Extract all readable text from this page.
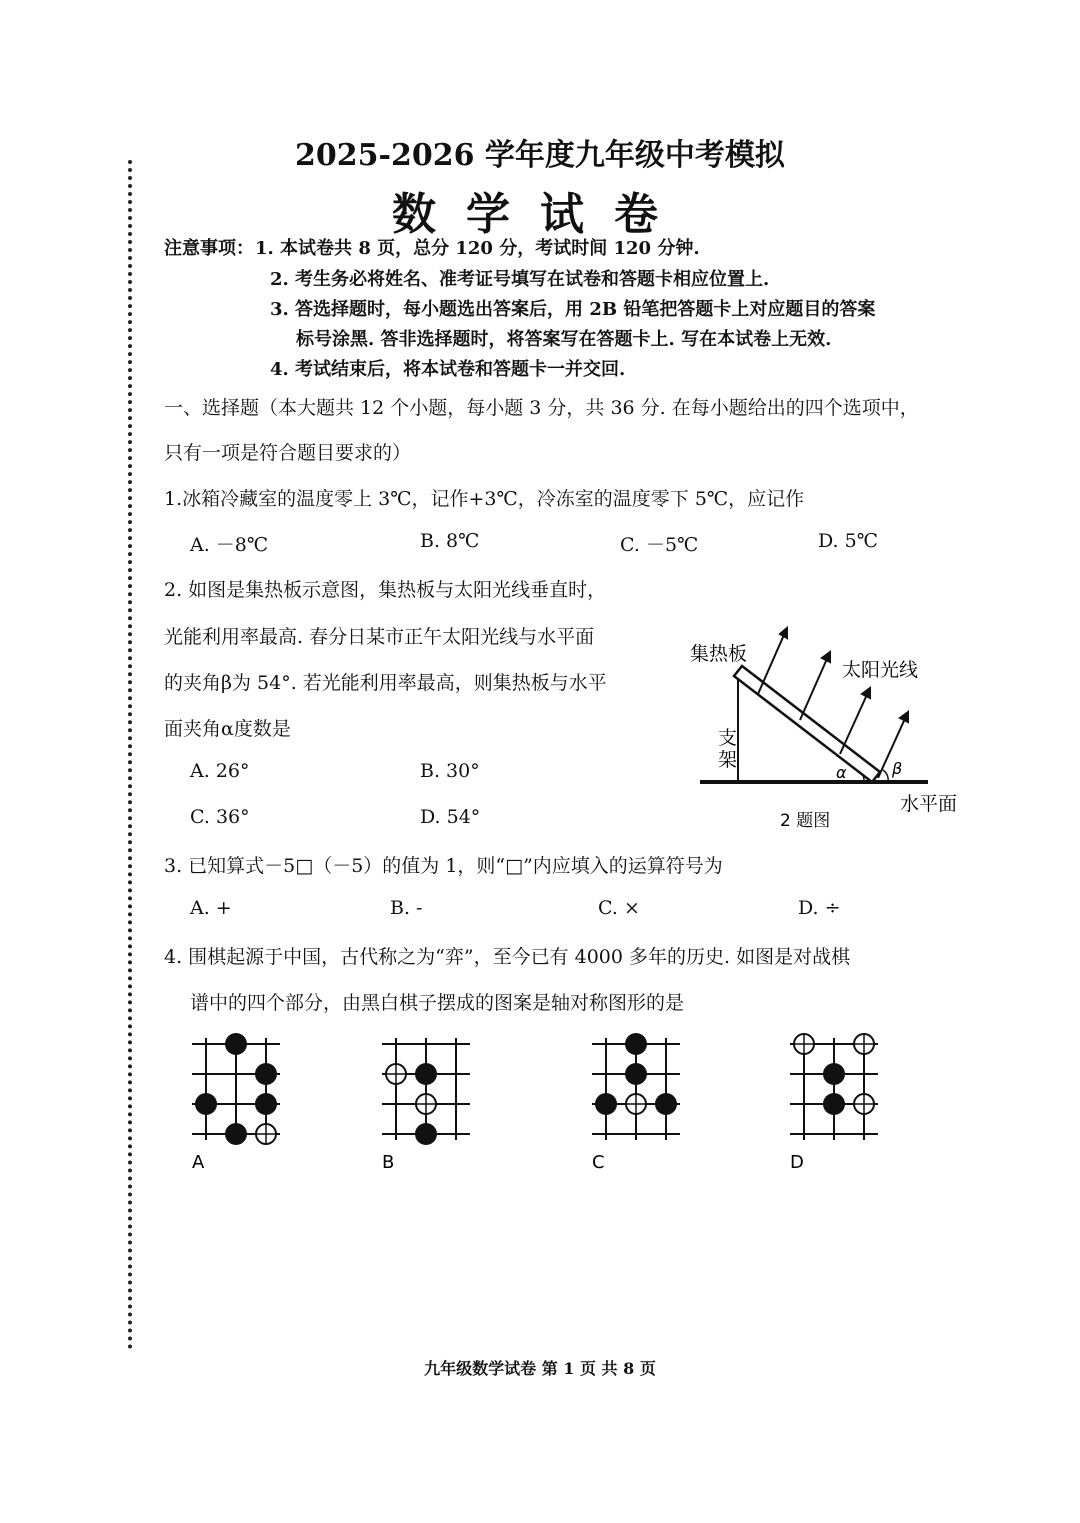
2025-2026 学年度九年级中考模拟
数学试卷
注意事项： 1. 本试卷共 8 页，总分 120 分，考试时间 120 分钟.
2. 考生务必将姓名、准考证号填写在试卷和答题卡相应位置上.
3. 答选择题时，每小题选出答案后，用 2B 铅笔把答题卡上对应题目的答案
标号涂黑. 答非选择题时，将答案写在答题卡上. 写在本试卷上无效.
4. 考试结束后，将本试卷和答题卡一并交回.
一、选择题（本大题共 12 个小题，每小题 3 分，共 36 分. 在每小题给出的四个选项中，
只有一项是符合题目要求的）
1.冰箱冷藏室的温度零上 3℃，记作+3℃，冷冻室的温度零下 5℃，应记作
A. －8℃	B. 8℃	C. －5℃	D. 5℃
2. 如图是集热板示意图，集热板与太阳光线垂直时，
光能利用率最高. 春分日某市正午太阳光线与水平面
的夹角β为 54°. 若光能利用率最高，则集热板与水平
面夹角α度数是
A. 26°	B. 30°
C. 36°	D. 54°
集热板
太阳光线
支
架
α	β
水平面
2 题图
3. 已知算式－5□（－5）的值为 1，则“□”内应填入的运算符号为
A. +	B. -	C. ×	D. ÷
4. 围棋起源于中国，古代称之为“弈”，至今已有 4000 多年的历史. 如图是对战棋
谱中的四个部分，由黑白棋子摆成的图案是轴对称图形的是
A	B	C	D
九年级数学试卷 第 1 页 共 8 页
